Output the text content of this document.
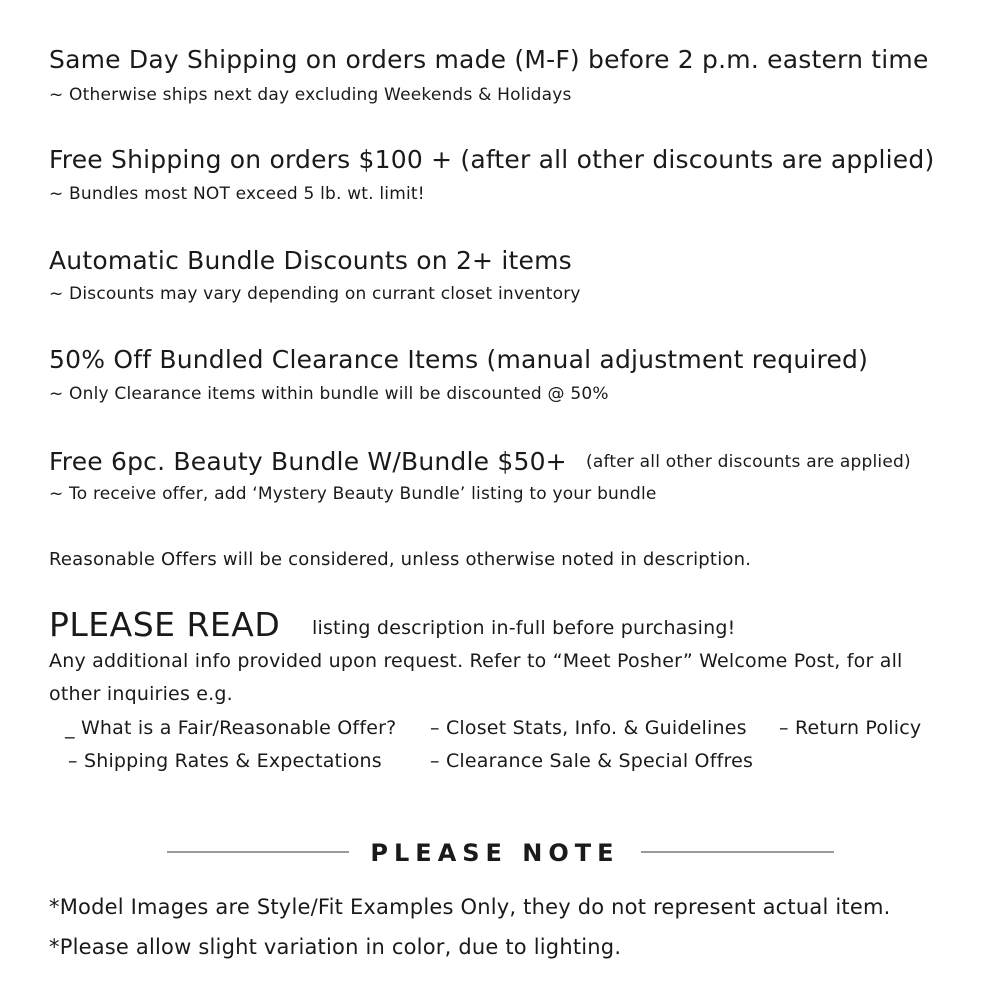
Same Day Shipping on orders made (M-F) before 2 p.m. eastern time
~ Otherwise ships next day excluding Weekends & Holidays
Free Shipping on orders $100 + (after all other discounts are applied)
~ Bundles most NOT exceed 5 lb. wt. limit!
Automatic Bundle Discounts on 2+ items
~ Discounts may vary depending on currant closet inventory
50% Off Bundled Clearance Items (manual adjustment required)
~ Only Clearance items within bundle will be discounted @ 50%
Free 6pc. Beauty Bundle W/Bundle $50+ (after all other discounts are applied)
~ To receive offer, add ‘Mystery Beauty Bundle’ listing to your bundle
Reasonable Offers will be considered, unless otherwise noted in description.
PLEASE READ listing description in-full before purchasing!
Any additional info provided upon request. Refer to “Meet Posher” Welcome Post, for all
other inquiries e.g.
_ What is a Fair/Reasonable Offer? – Closet Stats, Info. & Guidelines – Return Policy
– Shipping Rates & Expectations	– Clearance Sale & Special Offres
PLEASE NOTE
*Model Images are Style/Fit Examples Only, they do not represent actual item.
*Please allow slight variation in color, due to lighting.
